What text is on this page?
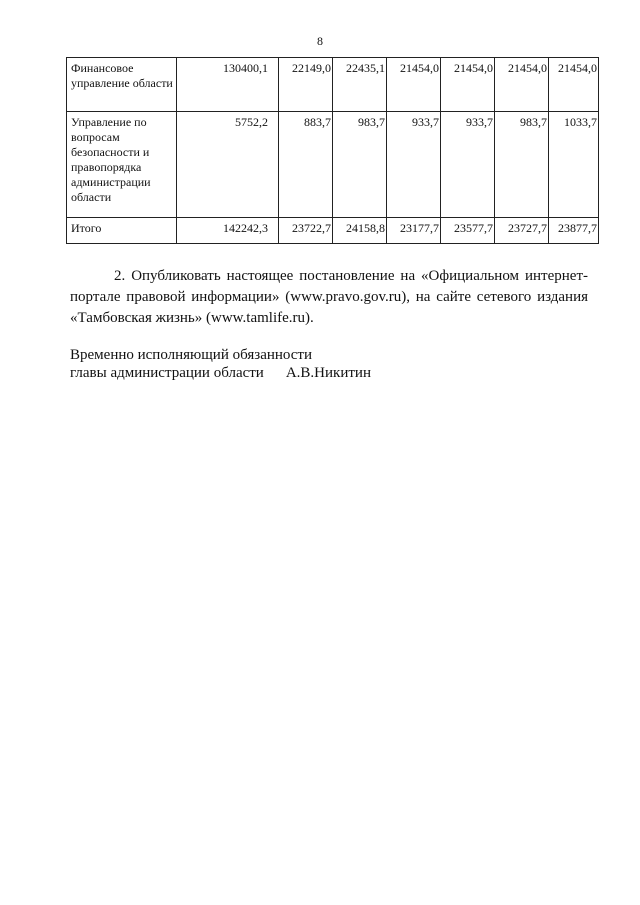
8
Финансовое управление области	130400,1	22149,0	22435,1	21454,0	21454,0	21454,0	21454,0
Управление по вопросам безопасности и правопорядка администрации области	5752,2	883,7	983,7	933,7	933,7	983,7	1033,7
Итого	142242,3	23722,7	24158,8	23177,7	23577,7	23727,7	23877,7

2. Опубликовать настоящее постановление на «Официальном интернет-портале правовой информации» (www.pravo.gov.ru), на сайте сетевого издания «Тамбовская жизнь» (www.tamlife.ru).

Временно исполняющий обязанности
главы администрации области А.В.Никитин
